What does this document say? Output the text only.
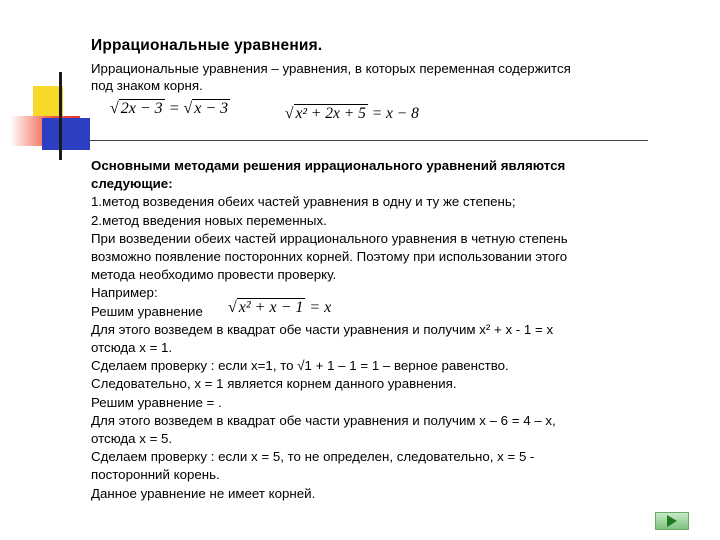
Иррациональные уравнения.
Иррациональные уравнения – уравнения, в которых переменная содержится
под знаком корня.
√ 2x − 3 = √ x − 3	√ x² + 2x + 5 = x − 8
√ x² + x − 1 = x
Основными методами решения иррационального уравнений являются
следующие:
1.метод возведения обеих частей уравнения в одну и ту же степень;
2.метод введения новых переменных.
При возведении обеих частей иррационального уравнения в четную степень
возможно появление посторонних корней. Поэтому при использовании этого
метода необходимо провести проверку.
Например:
Решим уравнение
Для этого возведем в квадрат обе части уравнения и получим x² + x - 1 = x
отсюда x = 1.
Сделаем проверку : если x=1, то √1 + 1 – 1 = 1 – верное равенство.
Следовательно, x = 1 является корнем данного уравнения.
Решим уравнение = .
Для этого возведем в квадрат обе части уравнения и получим x – 6 = 4 – x,
отсюда x = 5.
Сделаем проверку : если x = 5, то не определен, следовательно, x = 5 -
посторонний корень.
Данное уравнение не имеет корней.
